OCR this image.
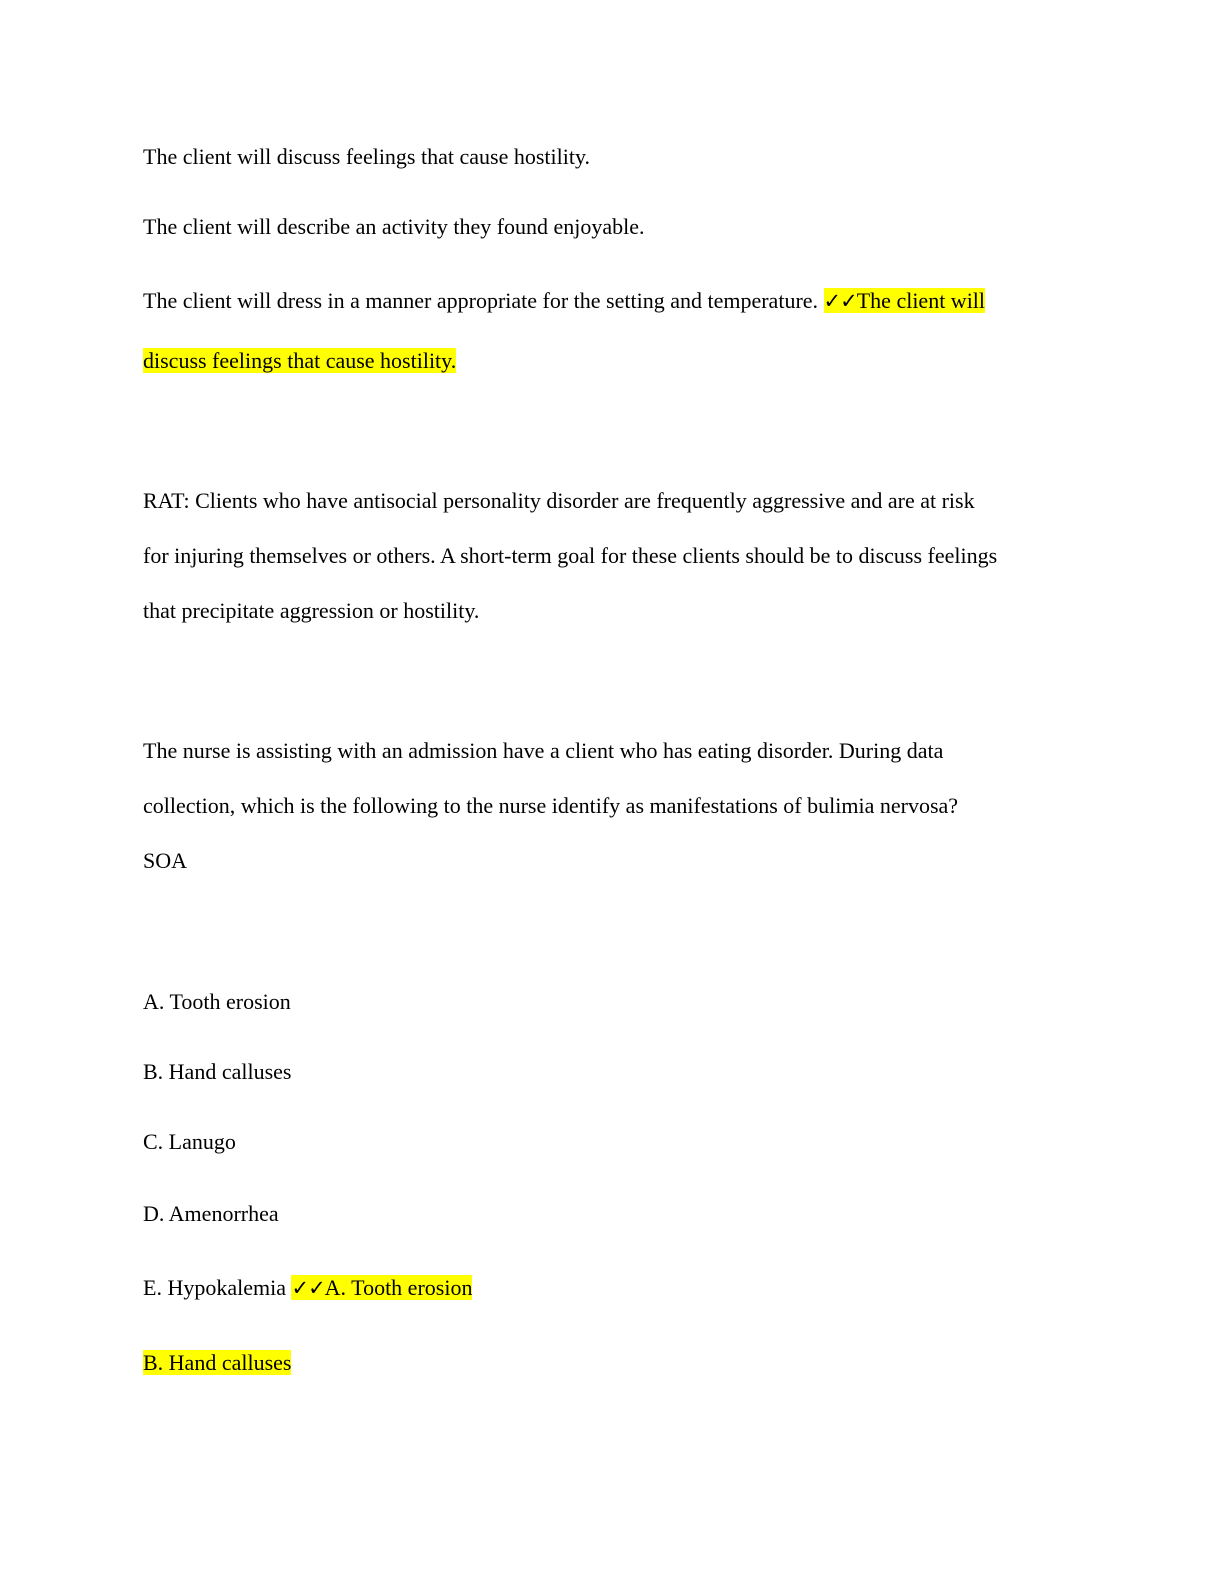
The client will discuss feelings that cause hostility.
The client will describe an activity they found enjoyable.
The client will dress in a manner appropriate for the setting and temperature. ✓✓The client will
discuss feelings that cause hostility.
RAT: Clients who have antisocial personality disorder are frequently aggressive and are at risk
for injuring themselves or others. A short-term goal for these clients should be to discuss feelings
that precipitate aggression or hostility.
The nurse is assisting with an admission have a client who has eating disorder. During data
collection, which is the following to the nurse identify as manifestations of bulimia nervosa?
SOA
A. Tooth erosion
B. Hand calluses
C. Lanugo
D. Amenorrhea
E. Hypokalemia ✓✓A. Tooth erosion
B. Hand calluses
